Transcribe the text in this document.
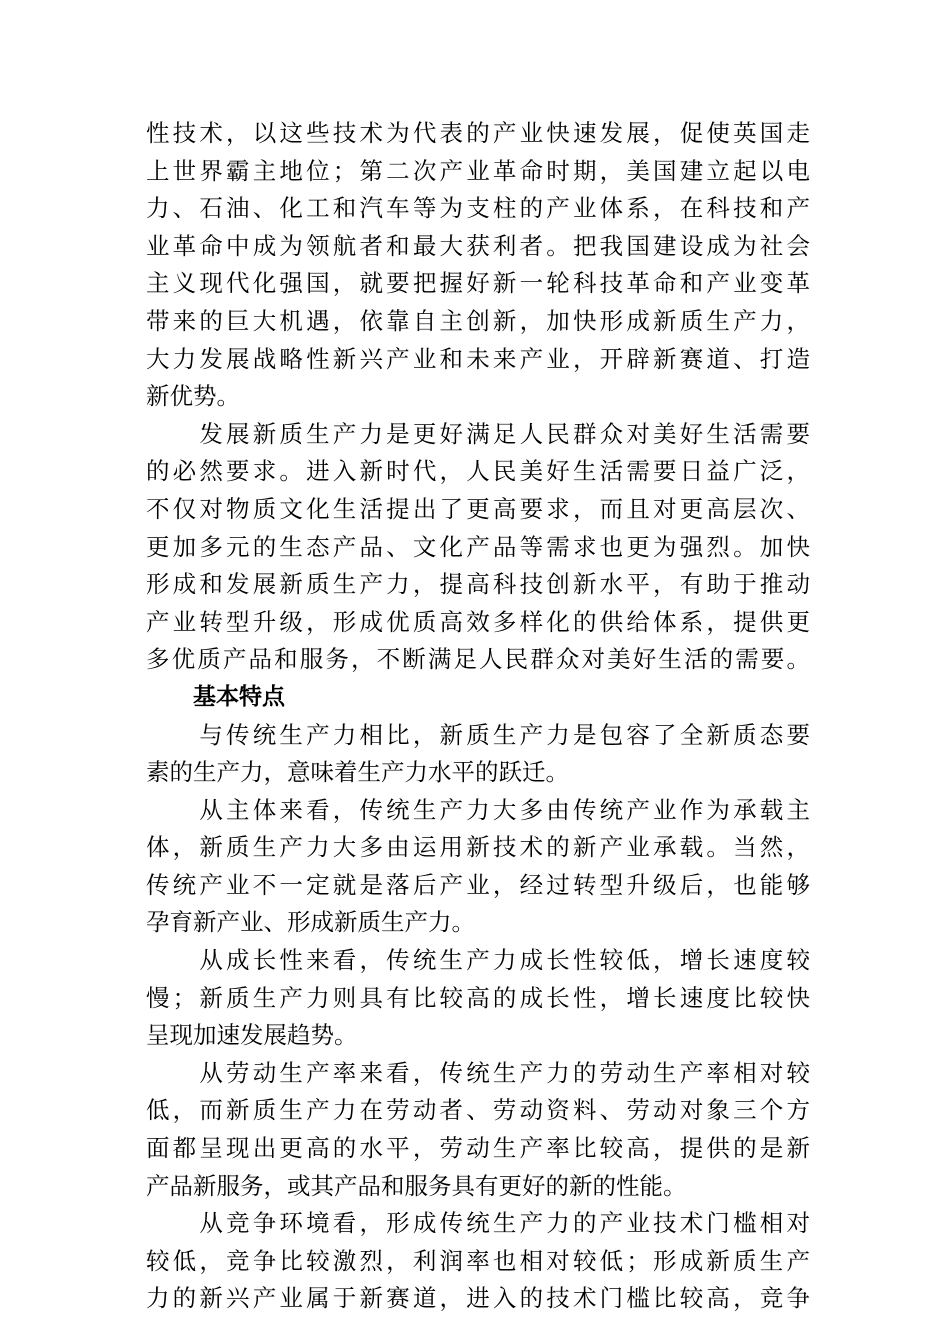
性技术，以这些技术为代表的产业快速发展，促使英国走
上世界霸主地位；第二次产业革命时期，美国建立起以电
力、石油、化工和汽车等为支柱的产业体系，在科技和产
业革命中成为领航者和最大获利者。把我国建设成为社会
主义现代化强国，就要把握好新一轮科技革命和产业变革
带来的巨大机遇，依靠自主创新，加快形成新质生产力，
大力发展战略性新兴产业和未来产业，开辟新赛道、打造
新优势。
　　发展新质生产力是更好满足人民群众对美好生活需要
的必然要求。进入新时代，人民美好生活需要日益广泛，
不仅对物质文化生活提出了更高要求，而且对更高层次、
更加多元的生态产品、文化产品等需求也更为强烈。加快
形成和发展新质生产力，提高科技创新水平，有助于推动
产业转型升级，形成优质高效多样化的供给体系，提供更
多优质产品和服务，不断满足人民群众对美好生活的需要。
基本特点
　　与传统生产力相比，新质生产力是包容了全新质态要
素的生产力，意味着生产力水平的跃迁。
　　从主体来看，传统生产力大多由传统产业作为承载主
体，新质生产力大多由运用新技术的新产业承载。当然，
传统产业不一定就是落后产业，经过转型升级后，也能够
孕育新产业、形成新质生产力。
　　从成长性来看，传统生产力成长性较低，增长速度较
慢；新质生产力则具有比较高的成长性，增长速度比较快
呈现加速发展趋势。
　　从劳动生产率来看，传统生产力的劳动生产率相对较
低，而新质生产力在劳动者、劳动资料、劳动对象三个方
面都呈现出更高的水平，劳动生产率比较高，提供的是新
产品新服务，或其产品和服务具有更好的新的性能。
　　从竞争环境看，形成传统生产力的产业技术门槛相对
较低，竞争比较激烈，利润率也相对较低；形成新质生产
力的新兴产业属于新赛道，进入的技术门槛比较高，竞争
